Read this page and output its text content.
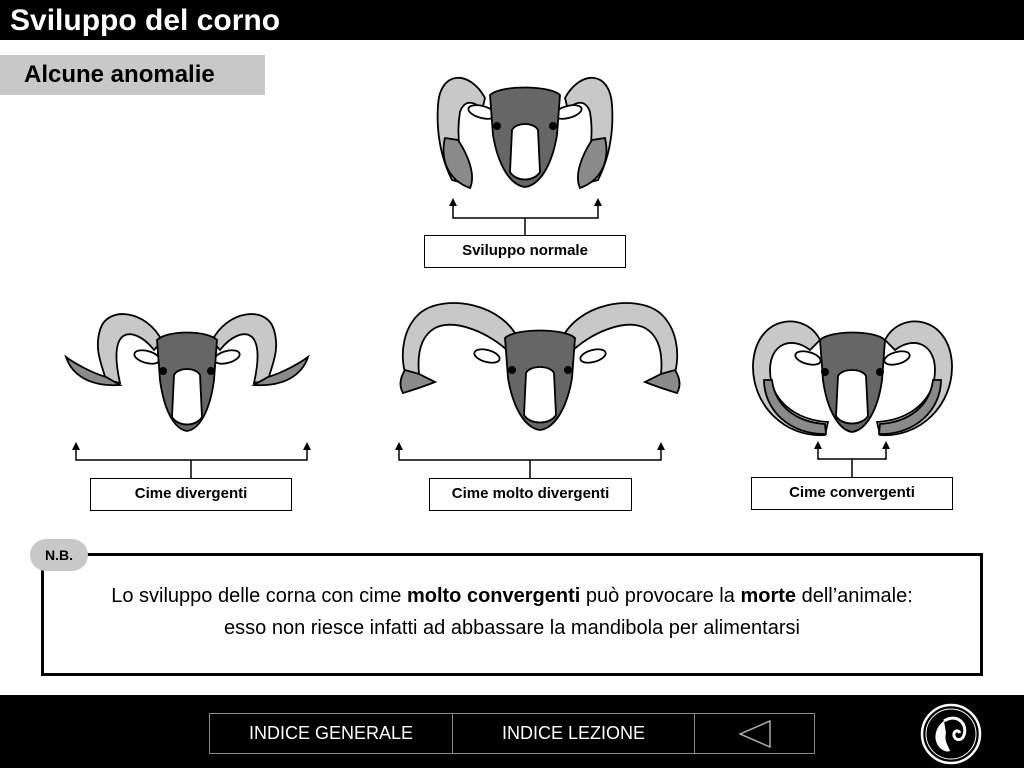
Sviluppo del corno
Alcune anomalie
Sviluppo normale
Cime divergenti	Cime molto divergenti	Cime convergenti
N.B.
Lo sviluppo delle corna con cime molto convergenti può provocare la morte dell’animale:
esso non riesce infatti ad abbassare la mandibola per alimentarsi
INDICE GENERALE	INDICE LEZIONE
